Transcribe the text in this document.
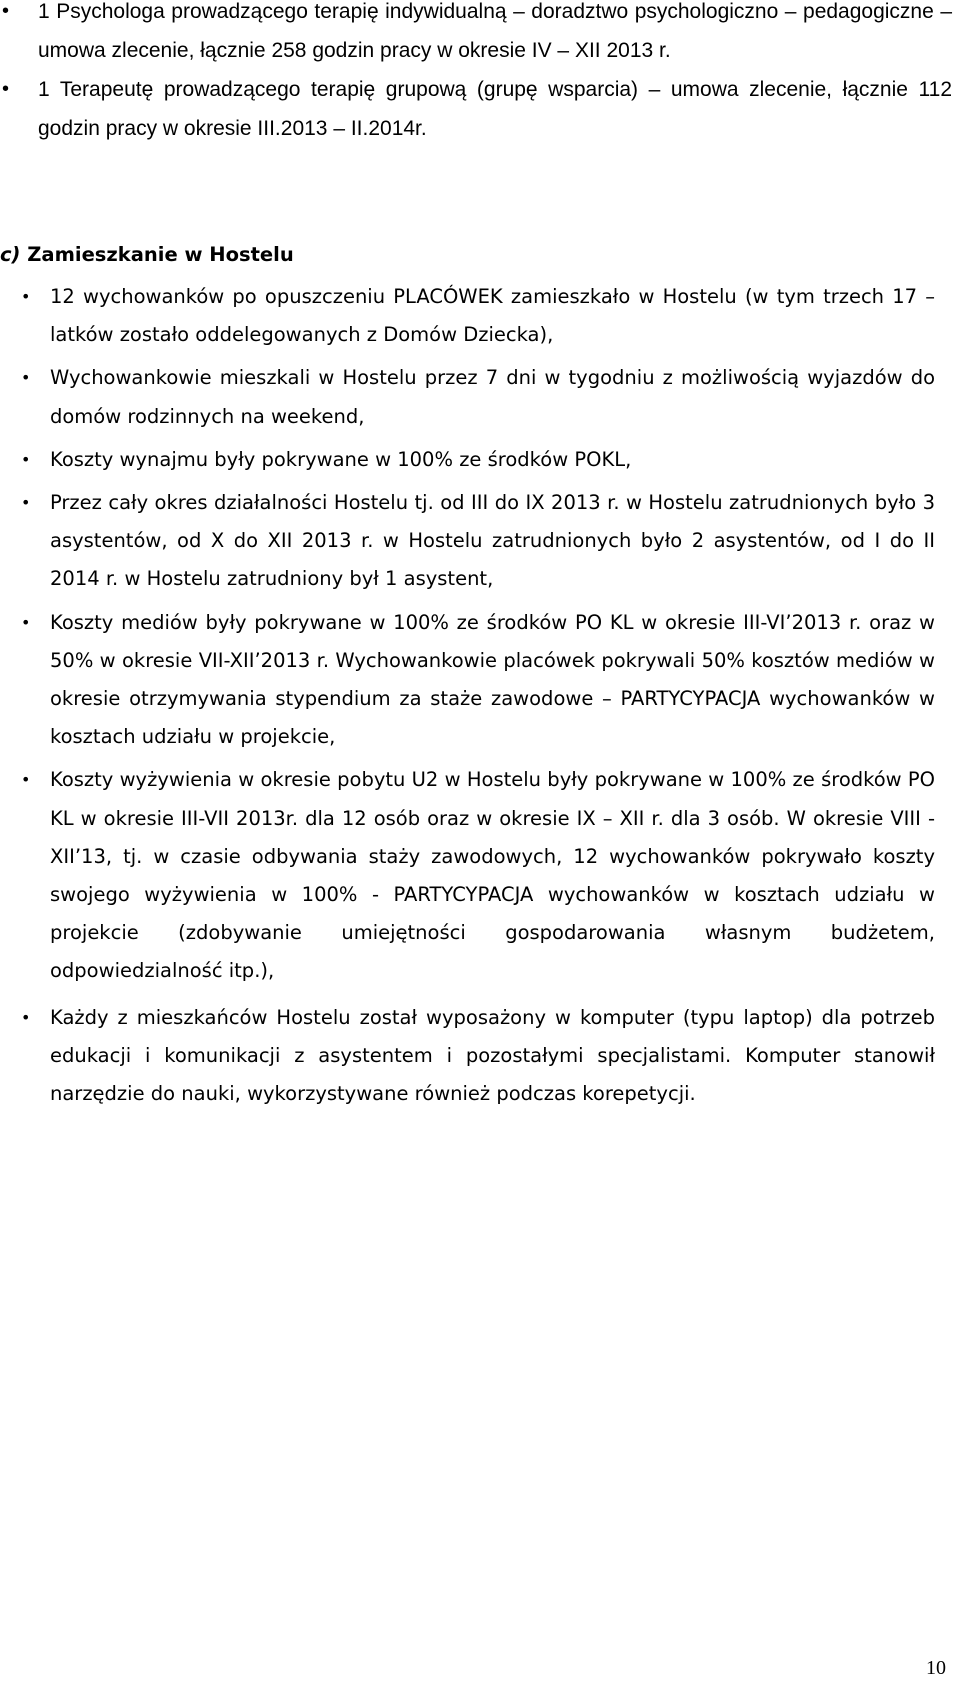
• 1 Psychologa prowadzącego terapię indywidualną – doradztwo psychologiczno – pedagogiczne – umowa zlecenie, łącznie 258 godzin pracy w okresie IV – XII 2013 r.
• 1 Terapeutę prowadzącego terapię grupową (grupę wsparcia) – umowa zlecenie, łącznie 112 godzin pracy w okresie III.2013 – II.2014r.
c) Zamieszkanie w Hostelu
• 12 wychowanków po opuszczeniu PLACÓWEK zamieszkało w Hostelu (w tym trzech 17 – latków zostało oddelegowanych z Domów Dziecka),
• Wychowankowie mieszkali w Hostelu przez 7 dni w tygodniu z możliwością wyjazdów do domów rodzinnych na weekend,
• Koszty wynajmu były pokrywane w 100% ze środków POKL,
• Przez cały okres działalności Hostelu tj. od III do IX 2013 r. w Hostelu zatrudnionych było 3 asystentów, od X do XII 2013 r. w Hostelu zatrudnionych było 2 asystentów, od I do II 2014 r. w Hostelu zatrudniony był 1 asystent,
• Koszty mediów były pokrywane w 100% ze środków PO KL w okresie III-VI’2013 r. oraz w 50% w okresie VII-XII’2013 r. Wychowankowie placówek pokrywali 50% kosztów mediów w okresie otrzymywania stypendium za staże zawodowe – PARTYCYPACJA wychowanków w kosztach udziału w projekcie,
• Koszty wyżywienia w okresie pobytu U2 w Hostelu były pokrywane w 100% ze środków PO KL w okresie III-VII 2013r. dla 12 osób oraz w okresie IX – XII r. dla 3 osób. W okresie VIII - XII’13, tj. w czasie odbywania staży zawodowych, 12 wychowanków pokrywało koszty swojego wyżywienia w 100% - PARTYCYPACJA wychowanków w kosztach udziału w projekcie (zdobywanie umiejętności gospodarowania własnym budżetem, odpowiedzialność itp.),
• Każdy z mieszkańców Hostelu został wyposażony w komputer (typu laptop) dla potrzeb edukacji i komunikacji z asystentem i pozostałymi specjalistami. Komputer stanowił narzędzie do nauki, wykorzystywane również podczas korepetycji.
10
